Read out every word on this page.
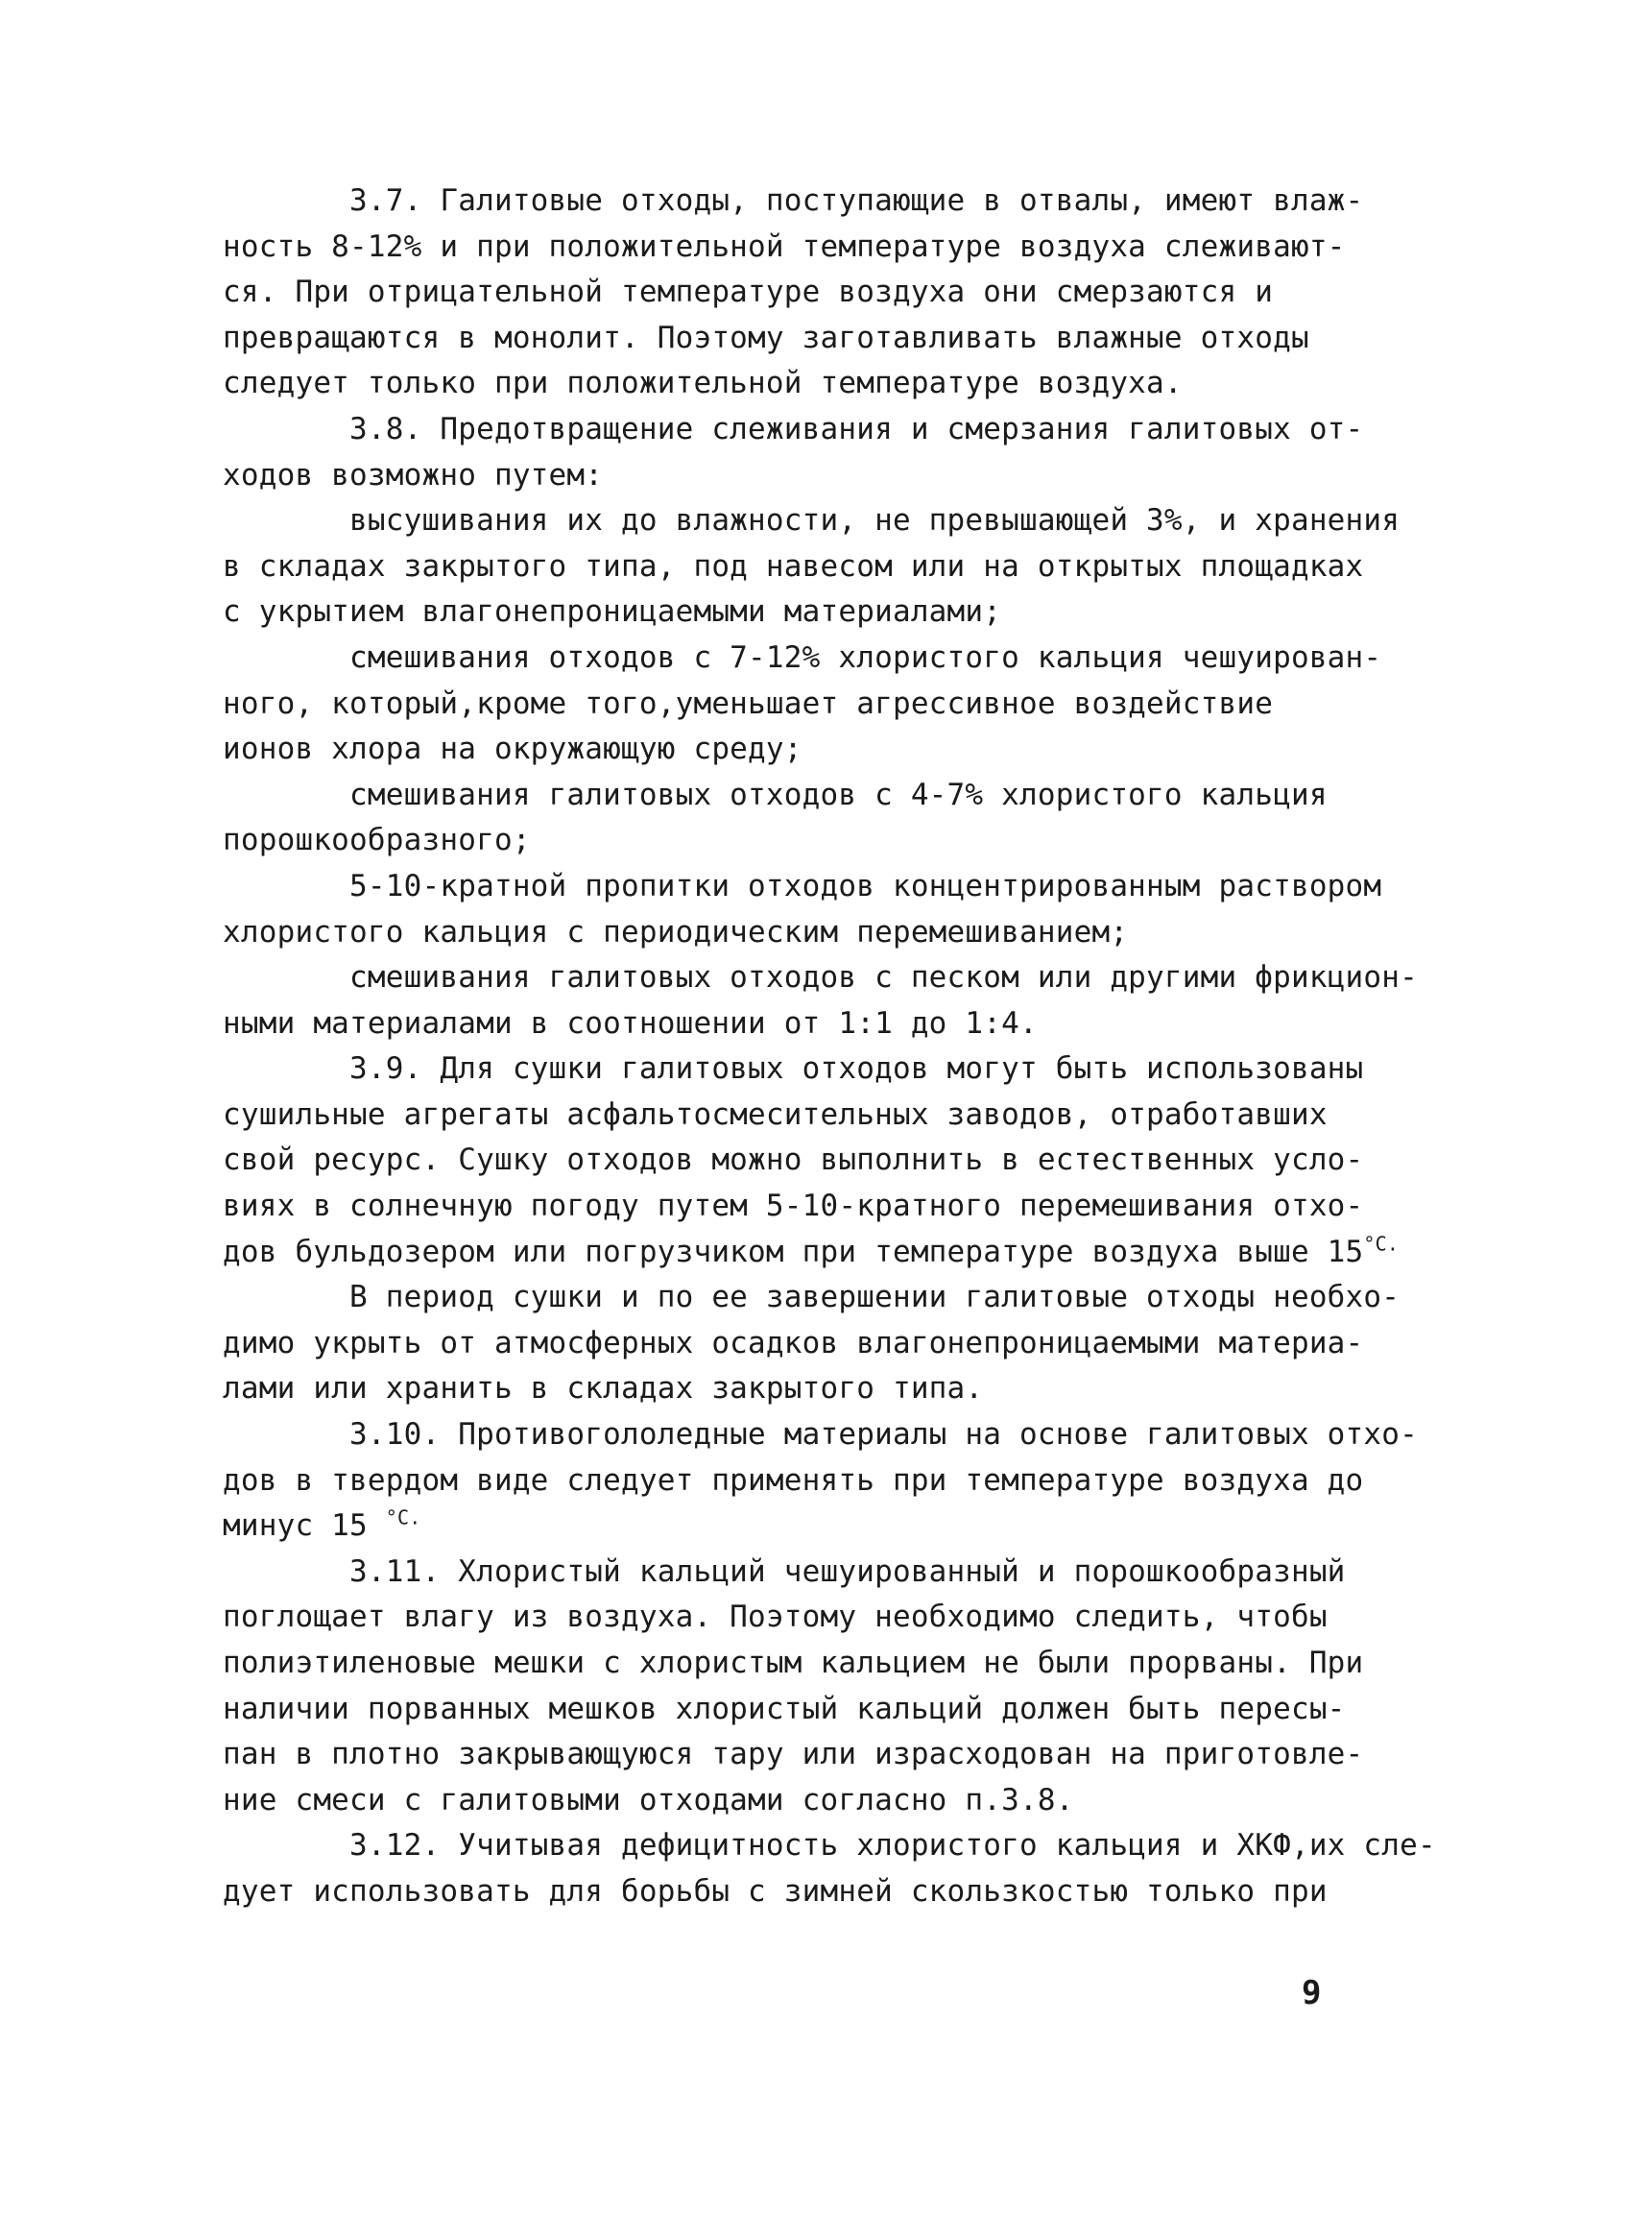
3.7. Галитовые отходы, поступающие в отвалы, имеют влаж-
ность 8-12% и при положительной температуре воздуха слеживают-
ся. При отрицательной температуре воздуха они смерзаются и
превращаются в монолит. Поэтому заготавливать влажные отходы
следует только при положительной температуре воздуха.
3.8. Предотвращение слеживания и смерзания галитовых от-
ходов возможно путем:
высушивания их до влажности, не превышающей 3%, и хранения
в складах закрытого типа, под навесом или на открытых площадках
с укрытием влагонепроницаемыми материалами;
смешивания отходов с 7-12% хлористого кальция чешуирован-
ного, который,кроме того,уменьшает агрессивное воздействие
ионов хлора на окружающую среду;
смешивания галитовых отходов с 4-7% хлористого кальция
порошкообразного;
5-10-кратной пропитки отходов концентрированным раствором
хлористого кальция с периодическим перемешиванием;
смешивания галитовых отходов с песком или другими фрикцион-
ными материалами в соотношении от 1:1 до 1:4.
3.9. Для сушки галитовых отходов могут быть использованы
сушильные агрегаты асфальтосмесительных заводов, отработавших
свой ресурс. Сушку отходов можно выполнить в естественных усло-
виях в солнечную погоду путем 5-10-кратного перемешивания отхо-
дов бульдозером или погрузчиком при температуре воздуха выше $15^{^\circ С.}$
В период сушки и по ее завершении галитовые отходы необхо-
димо укрыть от атмосферных осадков влагонепроницаемыми материа-
лами или хранить в складах закрытого типа.
3.10. Противогололедные материалы на основе галитовых отхо-
дов в твердом виде следует применять при температуре воздуха до
минус 15 $^{^\circ С.}$
3.11. Хлористый кальций чешуированный и порошкообразный
поглощает влагу из воздуха. Поэтому необходимо следить, чтобы
полиэтиленовые мешки с хлористым кальцием не были прорваны. При
наличии порванных мешков хлористый кальций должен быть пересы-
пан в плотно закрывающуюся тару или израсходован на приготовле-
ние смеси с галитовыми отходами согласно п.3.8.
3.12. Учитывая дефицитность хлористого кальция и ХКФ,их сле-
дует использовать для борьбы с зимней скользкостью только при
9
